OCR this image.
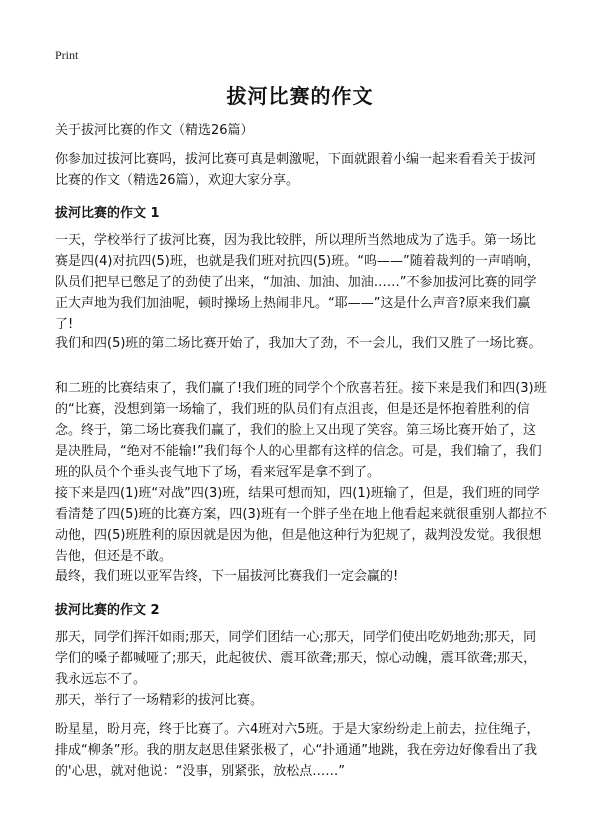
Print
拔河比赛的作文

关于拔河比赛的作文（精选26篇）

你参加过拔河比赛吗，拔河比赛可真是刺激呢，下面就跟着小编一起来看看关于拔河比赛的作文（精选26篇），欢迎大家分享。

拔河比赛的作文 1

一天，学校举行了拔河比赛，因为我比较胖，所以理所当然地成为了选手。第一场比赛是四(4)对抗四(5)班，也就是我们班对抗四(5)班。“呜——”随着裁判的一声哨响，队员们把早已憋足了的劲使了出来，“加油、加油、加油……”不参加拔河比赛的同学正大声地为我们加油呢，顿时操场上热闹非凡。“耶——”这是什么声音?原来我们赢了!

我们和四(5)班的第二场比赛开始了，我加大了劲，不一会儿，我们又胜了一场比赛。

和二班的比赛结束了，我们赢了!我们班的同学个个欣喜若狂。接下来是我们和四(3)班的“比赛，没想到第一场输了，我们班的队员们有点沮丧，但是还是怀抱着胜利的信念。终于，第二场比赛我们赢了，我们的脸上又出现了笑容。第三场比赛开始了，这是决胜局，“绝对不能输!”我们每个人的心里都有这样的信念。可是，我们输了，我们班的队员个个垂头丧气地下了场，看来冠军是拿不到了。

接下来是四(1)班“对战”四(3)班，结果可想而知，四(1)班输了，但是，我们班的同学看清楚了四(5)班的比赛方案，四(3)班有一个胖子坐在地上他看起来就很重别人都拉不动他，四(5)班胜利的原因就是因为他，但是他这种行为犯规了，裁判没发觉。我很想告他，但还是不敢。

最终，我们班以亚军告终，下一届拔河比赛我们一定会赢的!

拔河比赛的作文 2

那天，同学们挥汗如雨;那天，同学们团结一心;那天，同学们使出吃奶地劲;那天，同学们的嗓子都喊哑了;那天，此起彼伏、震耳欲聋;那天，惊心动魄，震耳欲聋;那天，我永远忘不了。

那天，举行了一场精彩的拔河比赛。

盼星星，盼月亮，终于比赛了。六4班对六5班。于是大家纷纷走上前去，拉住绳子，排成“柳条”形。我的朋友赵思佳紧张极了，心“扑通通”地跳，我在旁边好像看出了我的'心思，就对他说：“没事，别紧张，放松点……”
